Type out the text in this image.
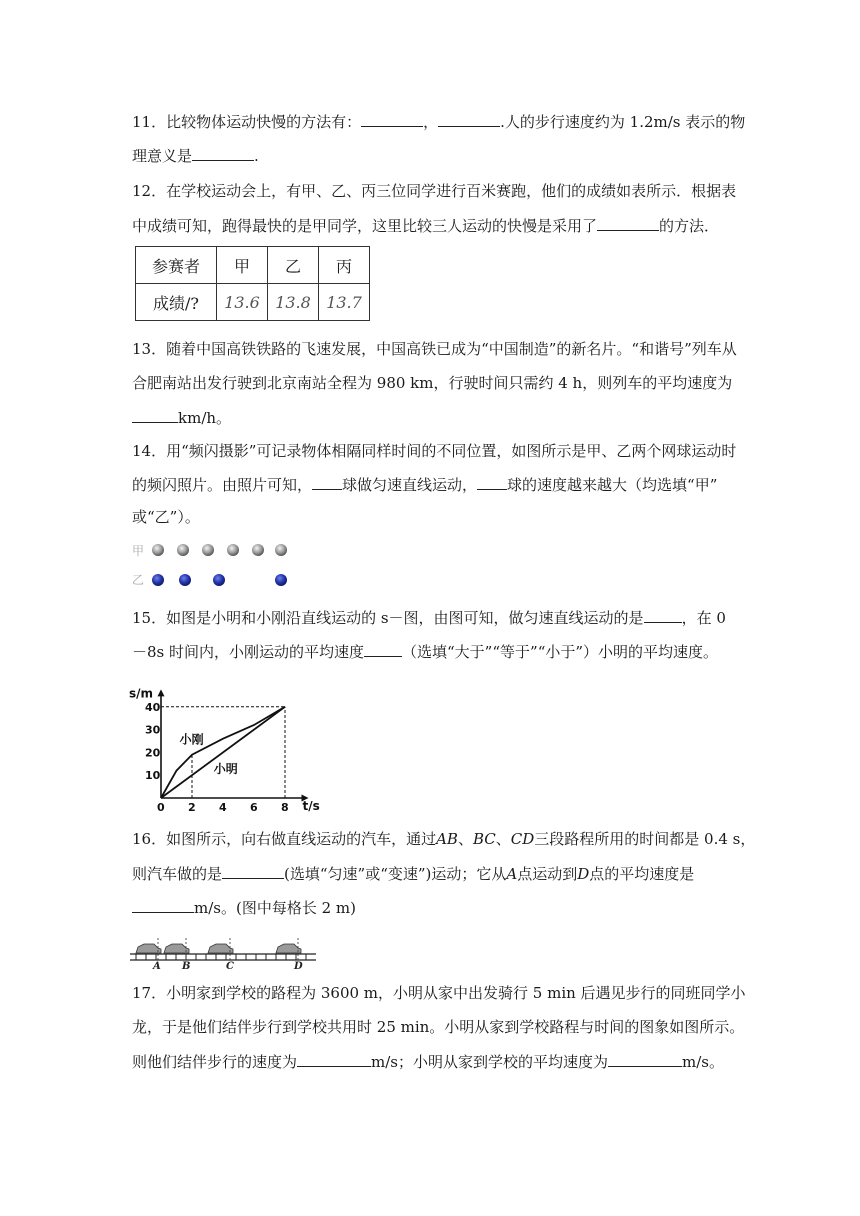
11．比较物体运动快慢的方法有：	，	.人的步行速度约为 1.2m/s 表示的物
理意义是	.
12．在学校运动会上，有甲、乙、丙三位同学进行百米赛跑，他们的成绩如表所示．根据表
中成绩可知，跑得最快的是甲同学，这里比较三人运动的快慢是采用了	的方法．
参赛者	甲	乙	丙
成绩/?	13.6	13.8	13.7
13．随着中国高铁铁路的飞速发展，中国高铁已成为“中国制造”的新名片。“和谐号”列车从
合肥南站出发行驶到北京南站全程为 980 km，行驶时间只需约 4 h，则列车的平均速度为
km/h。
14．用“频闪摄影”可记录物体相隔同样时间的不同位置，如图所示是甲、乙两个网球运动时
的频闪照片。由照片可知， 球做匀速直线运动， 球的速度越来越大（均选填“甲”
或“乙”）。
甲
乙
15．如图是小明和小刚沿直线运动的 s－图，由图可知，做匀速直线运动的是	，在 0
－8s 时间内，小刚运动的平均速度	（选填“大于”“等于”“小于”）小明的平均速度。
s/m
t/s
0 2 4 6 8
10
20
30
40
小刚
小明
16．如图所示，向右做直线运动的汽车，通过AB、BC、CD三段路程所用的时间都是 0.4 s，
则汽车做的是	(选填“匀速”或“变速”)运动；它从A点运动到D点的平均速度是
m/s。(图中每格长 2 m)
A B	C	D
17．小明家到学校的路程为 3600 m，小明从家中出发骑行 5 min 后遇见步行的同班同学小
龙，于是他们结伴步行到学校共用时 25 min。小明从家到学校路程与时间的图象如图所示。
则他们结伴步行的速度为	m/s；小明从家到学校的平均速度为	m/s。
